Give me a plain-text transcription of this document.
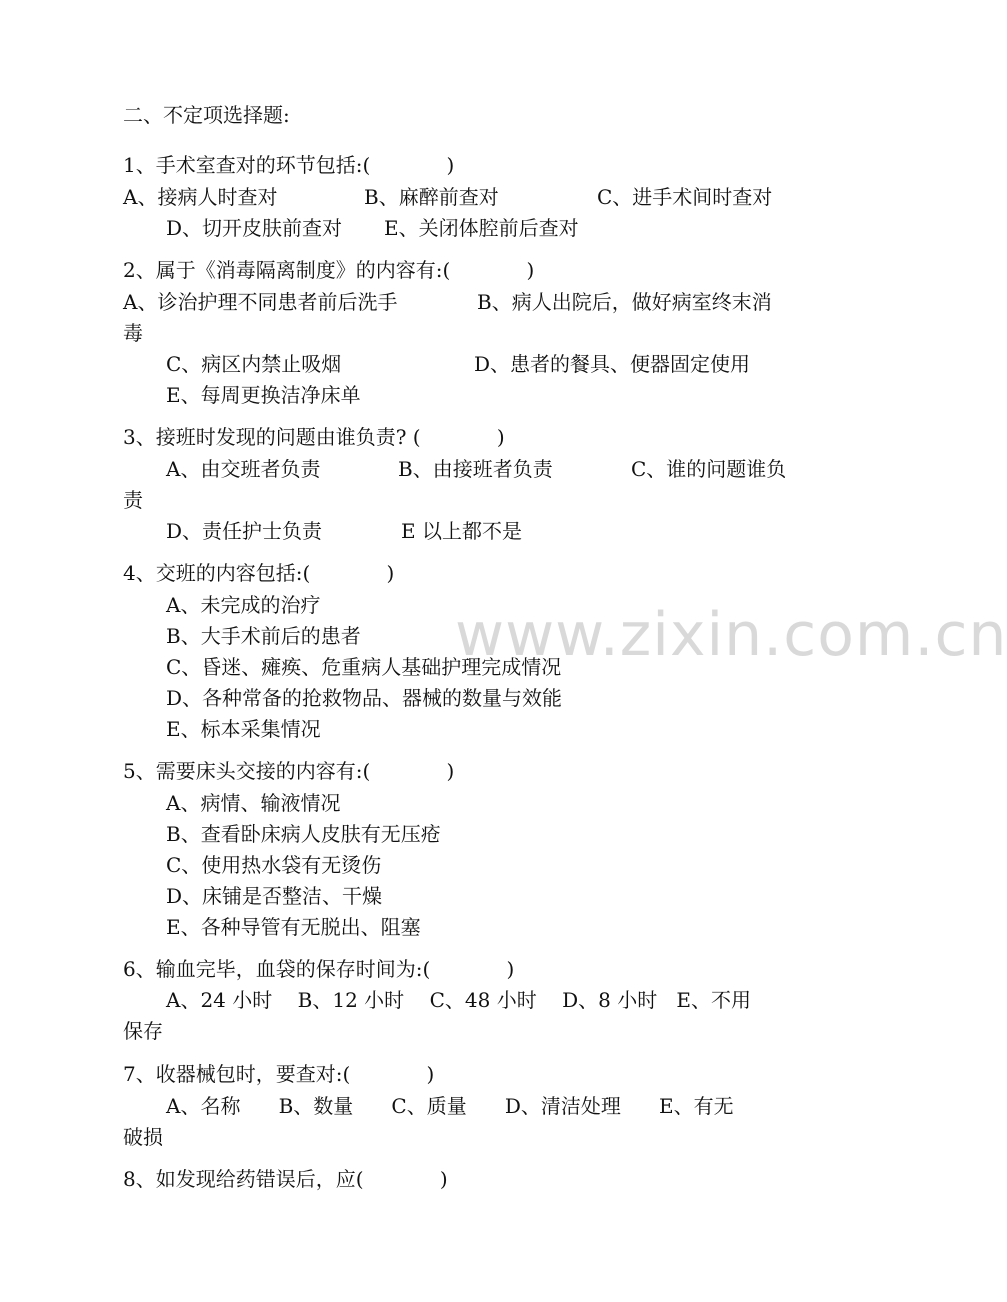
www.zixin.com.cn
二、不定项选择题:
1、手术室查对的环节包括:(            )
A、接病人时查对	B、麻醉前查对	C、进手术间时查对
D、切开皮肤前查对 E、关闭体腔前后查对
2、属于《消毒隔离制度》的内容有:(            )
A、诊治护理不同患者前后洗手	B、病人出院后，做好病室终末消
毒
C、病区内禁止吸烟	D、患者的餐具、便器固定使用
E、每周更换洁净床单
3、接班时发现的问题由谁负责? (            )
A、由交班者负责	B、由接班者负责	C、谁的问题谁负
责
D、责任护士负责	E 以上都不是
4、交班的内容包括:(            )
A、未完成的治疗
B、大手术前后的患者
C、昏迷、瘫痪、危重病人基础护理完成情况
D、各种常备的抢救物品、器械的数量与效能
E、标本采集情况
5、需要床头交接的内容有:(            )
A、病情、输液情况
B、查看卧床病人皮肤有无压疮
C、使用热水袋有无烫伤
D、床铺是否整洁、干燥
E、各种导管有无脱出、阻塞
6、输血完毕，血袋的保存时间为:(            )
A、24 小时    B、12 小时    C、48 小时    D、8 小时   E、不用
保存
7、收器械包时，要查对:(            )
A、名称      B、数量      C、质量      D、清洁处理      E、有无
破损
8、如发现给药错误后，应(            )
